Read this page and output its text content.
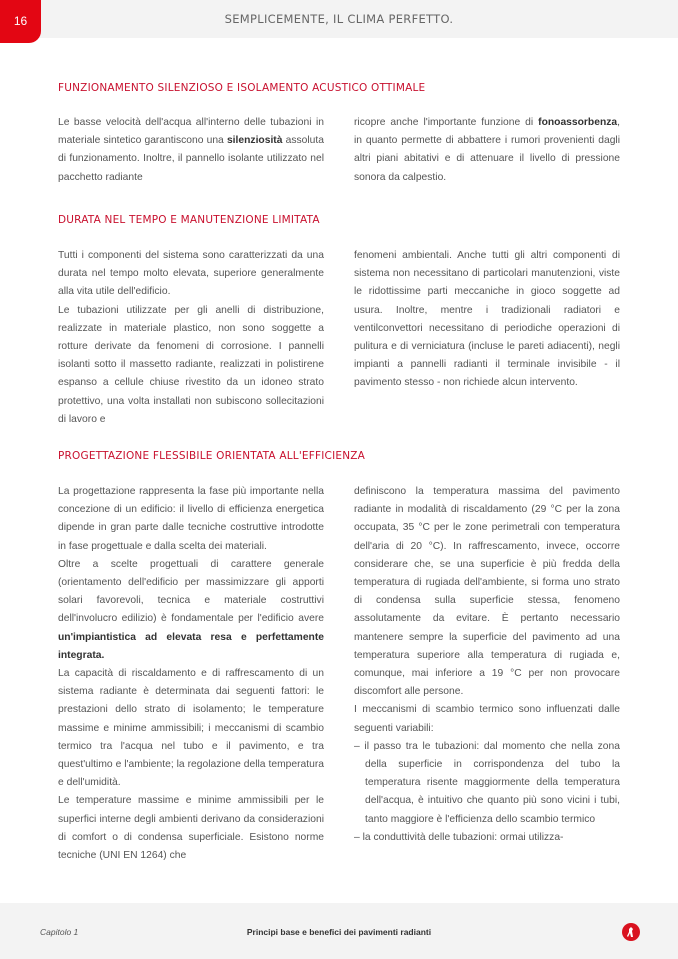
16	SEMPLICEMENTE, IL CLIMA PERFETTO.
FUNZIONAMENTO SILENZIOSO E ISOLAMENTO ACUSTICO OTTIMALE

Le basse velocità dell'acqua all'interno delle tubazioni in materiale sintetico garantiscono una silenziosità assoluta di funzionamento. Inoltre, il pannello isolante utilizzato nel pacchetto radiante

ricopre anche l'importante funzione di fonoassorbenza, in quanto permette di abbattere i rumori provenienti dagli altri piani abitativi e di attenuare il livello di pressione sonora da calpestio.

DURATA NEL TEMPO E MANUTENZIONE LIMITATA

Tutti i componenti del sistema sono caratterizzati da una durata nel tempo molto elevata, superiore generalmente alla vita utile dell'edificio.

Le tubazioni utilizzate per gli anelli di distribuzione, realizzate in materiale plastico, non sono soggette a rotture derivate da fenomeni di corrosione. I pannelli isolanti sotto il massetto radiante, realizzati in polistirene espanso a cellule chiuse rivestito da un idoneo strato protettivo, una volta installati non subiscono sollecitazioni di lavoro e

fenomeni ambientali. Anche tutti gli altri componenti di sistema non necessitano di particolari manutenzioni, viste le ridottissime parti meccaniche in gioco soggette ad usura. Inoltre, mentre i tradizionali radiatori e ventilconvettori necessitano di periodiche operazioni di pulitura e di verniciatura (incluse le pareti adiacenti), negli impianti a pannelli radianti il terminale invisibile - il pavimento stesso - non richiede alcun intervento.

PROGETTAZIONE FLESSIBILE ORIENTATA ALL'EFFICIENZA

La progettazione rappresenta la fase più importante nella concezione di un edificio: il livello di efficienza energetica dipende in gran parte dalle tecniche costruttive introdotte in fase progettuale e dalla scelta dei materiali.

Oltre a scelte progettuali di carattere generale (orientamento dell'edificio per massimizzare gli apporti solari favorevoli, tecnica e materiale costruttivi dell'involucro edilizio) è fondamentale per l'edificio avere un'impiantistica ad elevata resa e perfettamente integrata.

La capacità di riscaldamento e di raffrescamento di un sistema radiante è determinata dai seguenti fattori: le prestazioni dello strato di isolamento; le temperature massime e minime ammissibili; i meccanismi di scambio termico tra l'acqua nel tubo e il pavimento, e tra quest'ultimo e l'ambiente; la regolazione della temperatura e dell'umidità.

Le temperature massime e minime ammissibili per le superfici interne degli ambienti derivano da considerazioni di comfort o di condensa superficiale. Esistono norme tecniche (UNI EN 1264) che

definiscono la temperatura massima del pavimento radiante in modalità di riscaldamento (29 °C per la zona occupata, 35 °C per le zone perimetrali con temperatura dell'aria di 20 °C). In raffrescamento, invece, occorre considerare che, se una superficie è più fredda della temperatura di rugiada dell'ambiente, si forma uno strato di condensa sulla superficie stessa, fenomeno assolutamente da evitare. È pertanto necessario mantenere sempre la superficie del pavimento ad una temperatura superiore alla temperatura di rugiada e, comunque, mai inferiore a 19 °C per non provocare discomfort alle persone.

I meccanismi di scambio termico sono influenzati dalle seguenti variabili:

– il passo tra le tubazioni: dal momento che nella zona della superficie in corrispondenza del tubo la temperatura risente maggiormente della temperatura dell'acqua, è intuitivo che quanto più sono vicini i tubi, tanto maggiore è l'efficienza dello scambio termico

– la conduttività delle tubazioni: ormai utilizza-

Capitolo 1	Principi base e benefici dei pavimenti radianti
